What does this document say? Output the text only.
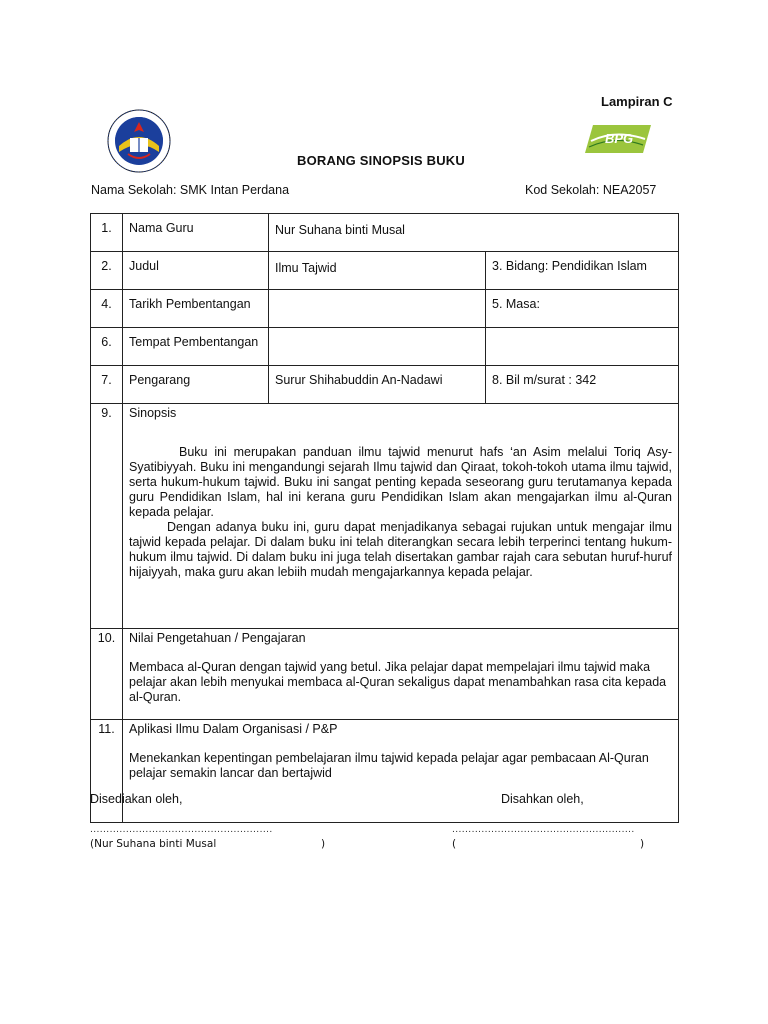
Lampiran C
BPG
BORANG SINOPSIS BUKU
Nama Sekolah: SMK Intan Perdana	Kod Sekolah: NEA2057
1.	Nama Guru	Nur Suhana binti Musal	

2.	Judul	Ilmu Tajwid	3. Bidang: Pendidikan Islam
4.	Tarikh Pembentangan		5. Masa:
6.	Tempat Pembentangan		
7.	Pengarang	Surur Shihabuddin An-Nadawi	8. Bil m/surat : 342
9.	Sinopsis

Buku ini merupakan panduan ilmu tajwid menurut hafs ‘an Asim melalui Toriq Asy-Syatibiyyah. Buku ini mengandungi sejarah Ilmu tajwid dan Qiraat, tokoh-tokoh utama ilmu tajwid, serta hukum-hukum tajwid. Buku ini sangat penting kepada seseorang guru terutamanya kepada guru Pendidikan Islam, hal ini kerana guru Pendidikan Islam akan mengajarkan ilmu al-Quran kepada pelajar.

Dengan adanya buku ini, guru dapat menjadikanya sebagai rujukan untuk mengajar ilmu tajwid kepada pelajar. Di dalam buku ini telah diterangkan secara lebih terperinci tentang hukum-hukum ilmu tajwid. Di dalam buku ini juga telah disertakan gambar rajah cara sebutan huruf-huruf hijaiyyah, maka guru akan lebiih mudah mengajarkannya kepada pelajar.		

10.	Nilai Pengetahuan / Pengajaran

Membaca al-Quran dengan tajwid yang betul. Jika pelajar dapat mempelajari ilmu tajwid maka pelajar akan lebih menyukai membaca al-Quran sekaligus dapat menambahkan rasa cita kepada al-Quran.		

11.	Aplikasi Ilmu Dalam Organisasi / P&P

Menekankan kepentingan pembelajaran ilmu tajwid kepada pelajar agar pembacaan Al-Quran pelajar semakin lancar dan bertajwid		

Disediakan oleh,	Disahkan oleh,
........................................................	........................................................
(Nur Suhana binti Musal	)	(	)
